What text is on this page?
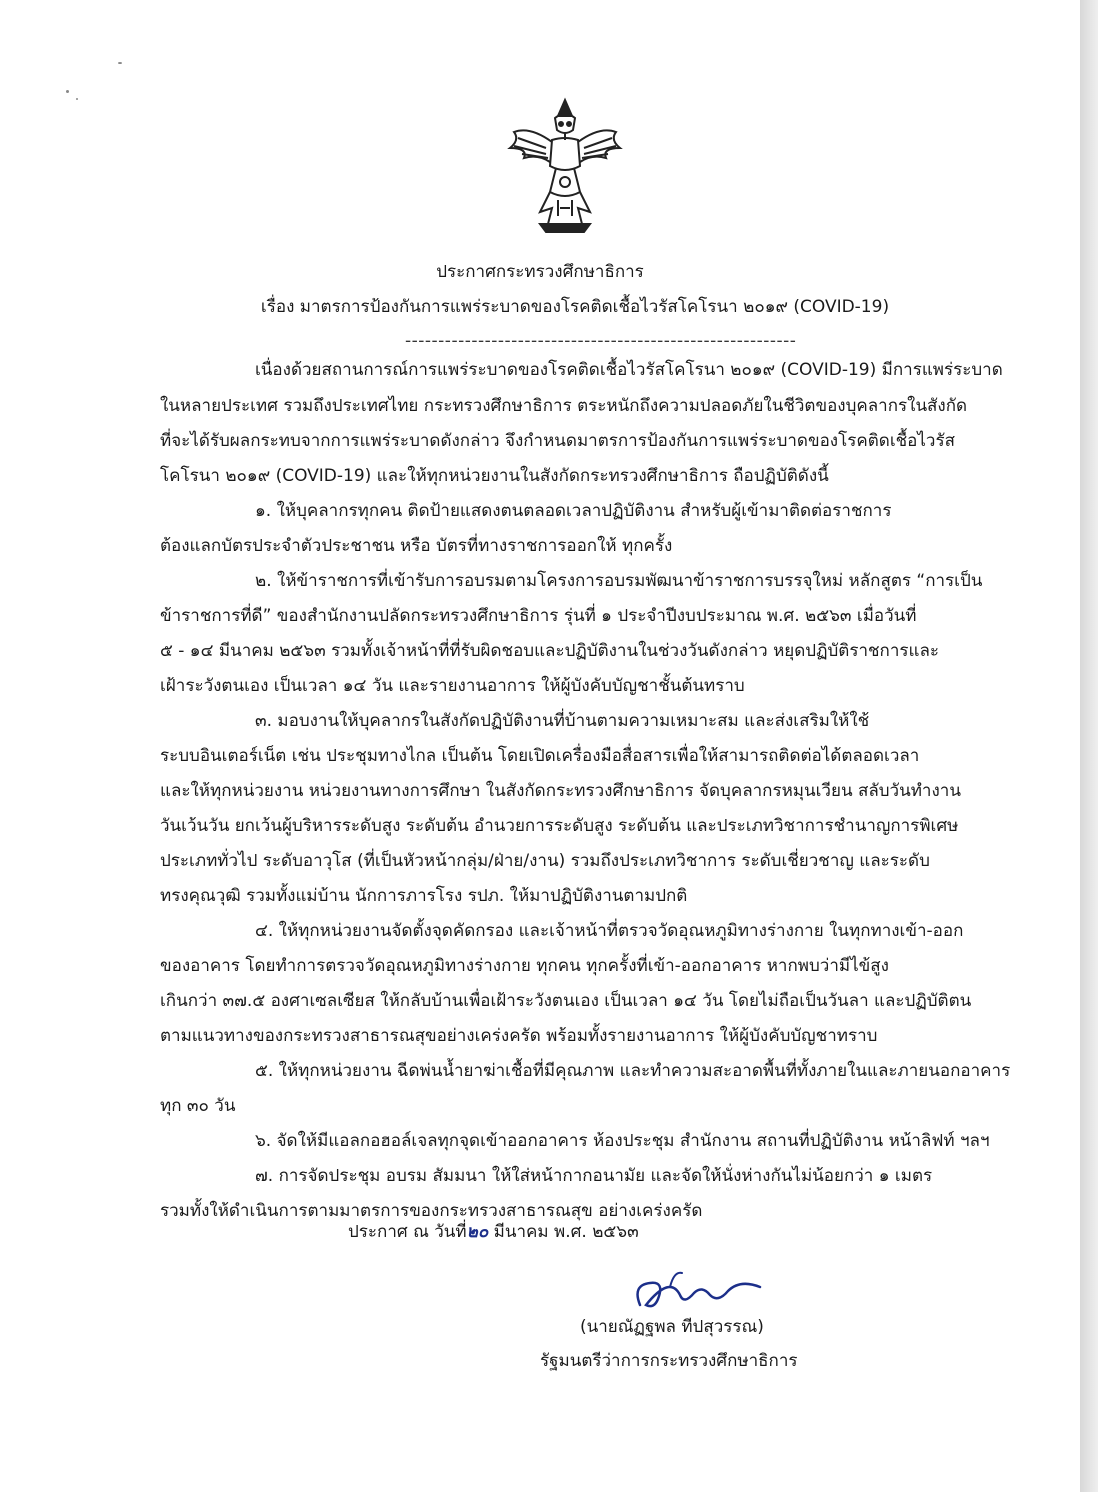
ประกาศกระทรวงศึกษาธิการ
เรื่อง มาตรการป้องกันการแพร่ระบาดของโรคติดเชื้อไวรัสโคโรนา ๒๐๑๙ (COVID-19)
-----------------------------------------------------------
เนื่องด้วยสถานการณ์การแพร่ระบาดของโรคติดเชื้อไวรัสโคโรนา ๒๐๑๙ (COVID-19) มีการแพร่ระบาด
ในหลายประเทศ รวมถึงประเทศไทย กระทรวงศึกษาธิการ ตระหนักถึงความปลอดภัยในชีวิตของบุคลากรในสังกัด
ที่จะได้รับผลกระทบจากการแพร่ระบาดดังกล่าว จึงกำหนดมาตรการป้องกันการแพร่ระบาดของโรคติดเชื้อไวรัส
โคโรนา ๒๐๑๙ (COVID-19) และให้ทุกหน่วยงานในสังกัดกระทรวงศึกษาธิการ ถือปฏิบัติดังนี้
๑. ให้บุคลากรทุกคน ติดป้ายแสดงตนตลอดเวลาปฏิบัติงาน สำหรับผู้เข้ามาติดต่อราชการ
ต้องแลกบัตรประจำตัวประชาชน หรือ บัตรที่ทางราชการออกให้ ทุกครั้ง
๒. ให้ข้าราชการที่เข้ารับการอบรมตามโครงการอบรมพัฒนาข้าราชการบรรจุใหม่ หลักสูตร “การเป็น
ข้าราชการที่ดี” ของสำนักงานปลัดกระทรวงศึกษาธิการ รุ่นที่ ๑ ประจำปีงบประมาณ พ.ศ. ๒๕๖๓ เมื่อวันที่
๕ - ๑๔ มีนาคม ๒๕๖๓ รวมทั้งเจ้าหน้าที่ที่รับผิดชอบและปฏิบัติงานในช่วงวันดังกล่าว หยุดปฏิบัติราชการและ
เฝ้าระวังตนเอง เป็นเวลา ๑๔ วัน และรายงานอาการ ให้ผู้บังคับบัญชาชั้นต้นทราบ
๓. มอบงานให้บุคลากรในสังกัดปฏิบัติงานที่บ้านตามความเหมาะสม และส่งเสริมให้ใช้
ระบบอินเตอร์เน็ต เช่น ประชุมทางไกล เป็นต้น โดยเปิดเครื่องมือสื่อสารเพื่อให้สามารถติดต่อได้ตลอดเวลา
และให้ทุกหน่วยงาน หน่วยงานทางการศึกษา ในสังกัดกระทรวงศึกษาธิการ จัดบุคลากรหมุนเวียน สลับวันทำงาน
วันเว้นวัน ยกเว้นผู้บริหารระดับสูง ระดับต้น อำนวยการระดับสูง ระดับต้น และประเภทวิชาการชำนาญการพิเศษ
ประเภททั่วไป ระดับอาวุโส (ที่เป็นหัวหน้ากลุ่ม/ฝ่าย/งาน) รวมถึงประเภทวิชาการ ระดับเชี่ยวชาญ และระดับ
ทรงคุณวุฒิ รวมทั้งแม่บ้าน นักการภารโรง รปภ. ให้มาปฏิบัติงานตามปกติ
๔. ให้ทุกหน่วยงานจัดตั้งจุดคัดกรอง และเจ้าหน้าที่ตรวจวัดอุณหภูมิทางร่างกาย ในทุกทางเข้า-ออก
ของอาคาร โดยทำการตรวจวัดอุณหภูมิทางร่างกาย ทุกคน ทุกครั้งที่เข้า-ออกอาคาร หากพบว่ามีไข้สูง
เกินกว่า ๓๗.๕ องศาเซลเซียส ให้กลับบ้านเพื่อเฝ้าระวังตนเอง เป็นเวลา ๑๔ วัน โดยไม่ถือเป็นวันลา และปฏิบัติตน
ตามแนวทางของกระทรวงสาธารณสุขอย่างเคร่งครัด พร้อมทั้งรายงานอาการ ให้ผู้บังคับบัญชาทราบ
๕. ให้ทุกหน่วยงาน ฉีดพ่นน้ำยาฆ่าเชื้อที่มีคุณภาพ และทำความสะอาดพื้นที่ทั้งภายในและภายนอกอาคาร
ทุก ๓๐ วัน
๖. จัดให้มีแอลกอฮอล์เจลทุกจุดเข้าออกอาคาร ห้องประชุม สำนักงาน สถานที่ปฏิบัติงาน หน้าลิฟท์ ฯลฯ
๗. การจัดประชุม อบรม สัมมนา ให้ใส่หน้ากากอนามัย และจัดให้นั่งห่างกันไม่น้อยกว่า ๑ เมตร
รวมทั้งให้ดำเนินการตามมาตรการของกระทรวงสาธารณสุข อย่างเคร่งครัด
ประกาศ ณ วันที่๒๐ มีนาคม พ.ศ. ๒๕๖๓
(นายณัฏฐพล ทีปสุวรรณ)
รัฐมนตรีว่าการกระทรวงศึกษาธิการ
